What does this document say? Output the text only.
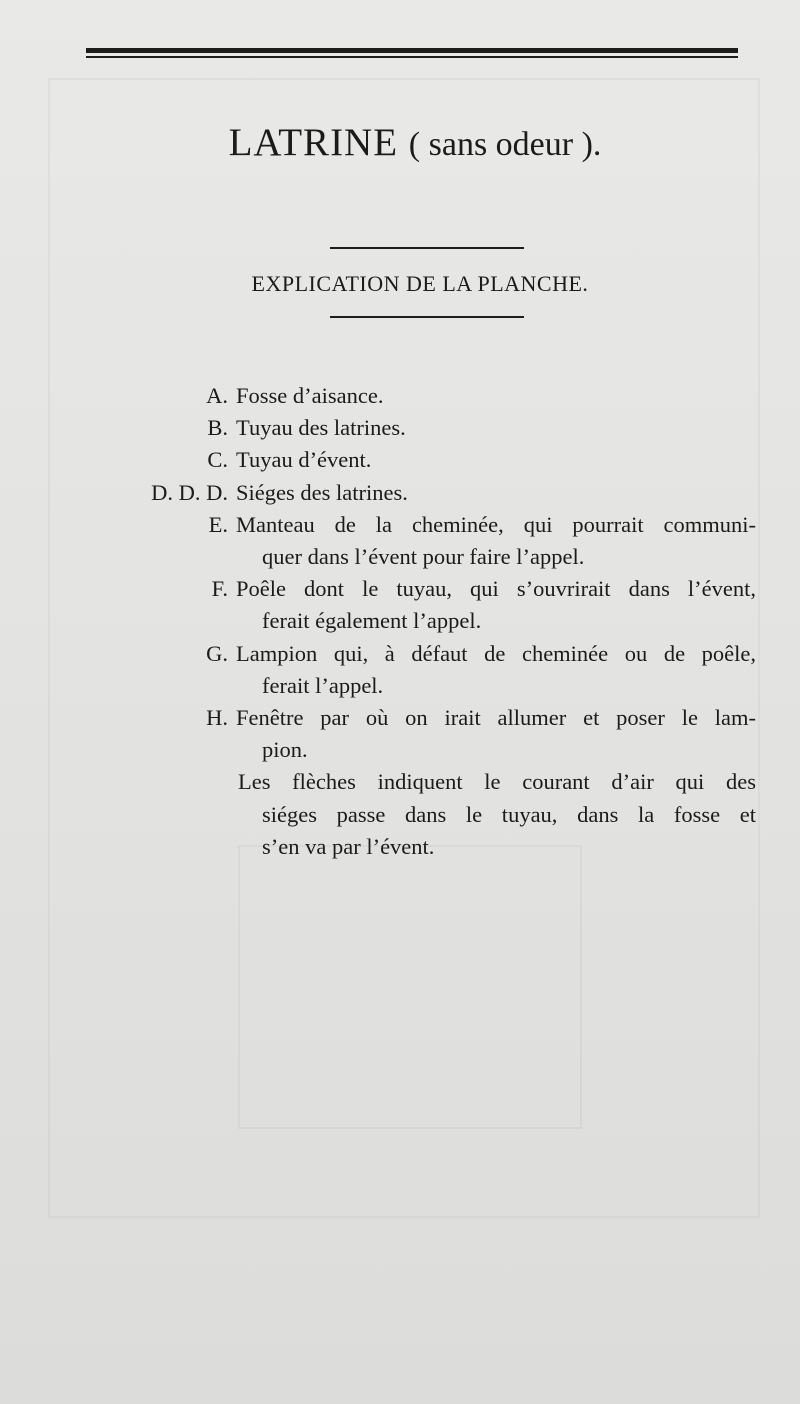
LATRINE ( sans odeur ).
EXPLICATION DE LA PLANCHE.
A. Fosse d’aisance.
B. Tuyau des latrines.
C. Tuyau d’évent.
D. D. D. Siéges des latrines.
E. Manteau de la cheminée, qui pourrait communi-
quer dans l’évent pour faire l’appel.
F. Poêle dont le tuyau, qui s’ouvrirait dans l’évent,
ferait également l’appel.
G. Lampion qui, à défaut de cheminée ou de poêle,
ferait l’appel.
H. Fenêtre par où on irait allumer et poser le lam-
pion.
Les flèches indiquent le courant d’air qui des
siéges passe dans le tuyau, dans la fosse et
s’en va par l’évent.
